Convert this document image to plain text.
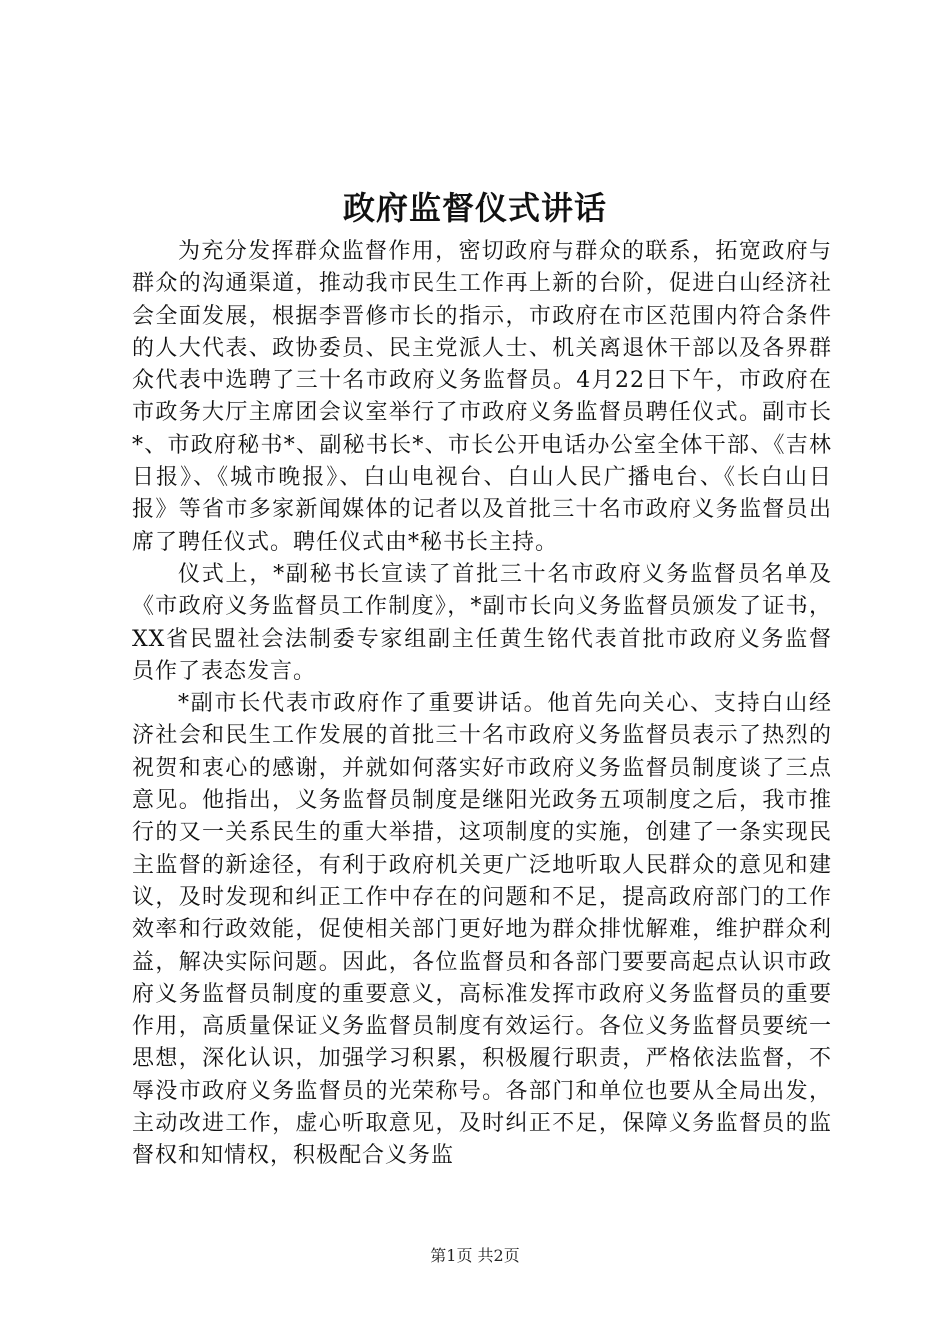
政府监督仪式讲话

为充分发挥群众监督作用，密切政府与群众的联系，拓宽政府与群众的沟通渠道，推动我市民生工作再上新的台阶，促进白山经济社会全面发展，根据李晋修市长的指示，市政府在市区范围内符合条件的人大代表、政协委员、民主党派人士、机关离退休干部以及各界群众代表中选聘了三十名市政府义务监督员。4月22日下午，市政府在市政务大厅主席团会议室举行了市政府义务监督员聘任仪式。副市长*、市政府秘书*、副秘书长*、市长公开电话办公室全体干部、《吉林日报》、《城市晚报》、白山电视台、白山人民广播电台、《长白山日报》等省市多家新闻媒体的记者以及首批三十名市政府义务监督员出席了聘任仪式。聘任仪式由*秘书长主持。

仪式上，*副秘书长宣读了首批三十名市政府义务监督员名单及《市政府义务监督员工作制度》，*副市长向义务监督员颁发了证书，XX省民盟社会法制委专家组副主任黄生铭代表首批市政府义务监督员作了表态发言。

*副市长代表市政府作了重要讲话。他首先向关心、支持白山经济社会和民生工作发展的首批三十名市政府义务监督员表示了热烈的祝贺和衷心的感谢，并就如何落实好市政府义务监督员制度谈了三点意见。他指出，义务监督员制度是继阳光政务五项制度之后，我市推行的又一关系民生的重大举措，这项制度的实施，创建了一条实现民主监督的新途径，有利于政府机关更广泛地听取人民群众的意见和建议，及时发现和纠正工作中存在的问题和不足，提高政府部门的工作效率和行政效能，促使相关部门更好地为群众排忧解难，维护群众利益，解决实际问题。因此，各位监督员和各部门要要高起点认识市政府义务监督员制度的重要意义，高标准发挥市政府义务监督员的重要作用，高质量保证义务监督员制度有效运行。各位义务监督员要统一思想，深化认识，加强学习积累，积极履行职责，严格依法监督，不辱没市政府义务监督员的光荣称号。各部门和单位也要从全局出发，主动改进工作，虚心听取意见，及时纠正不足，保障义务监督员的监督权和知情权，积极配合义务监

第1页 共2页
